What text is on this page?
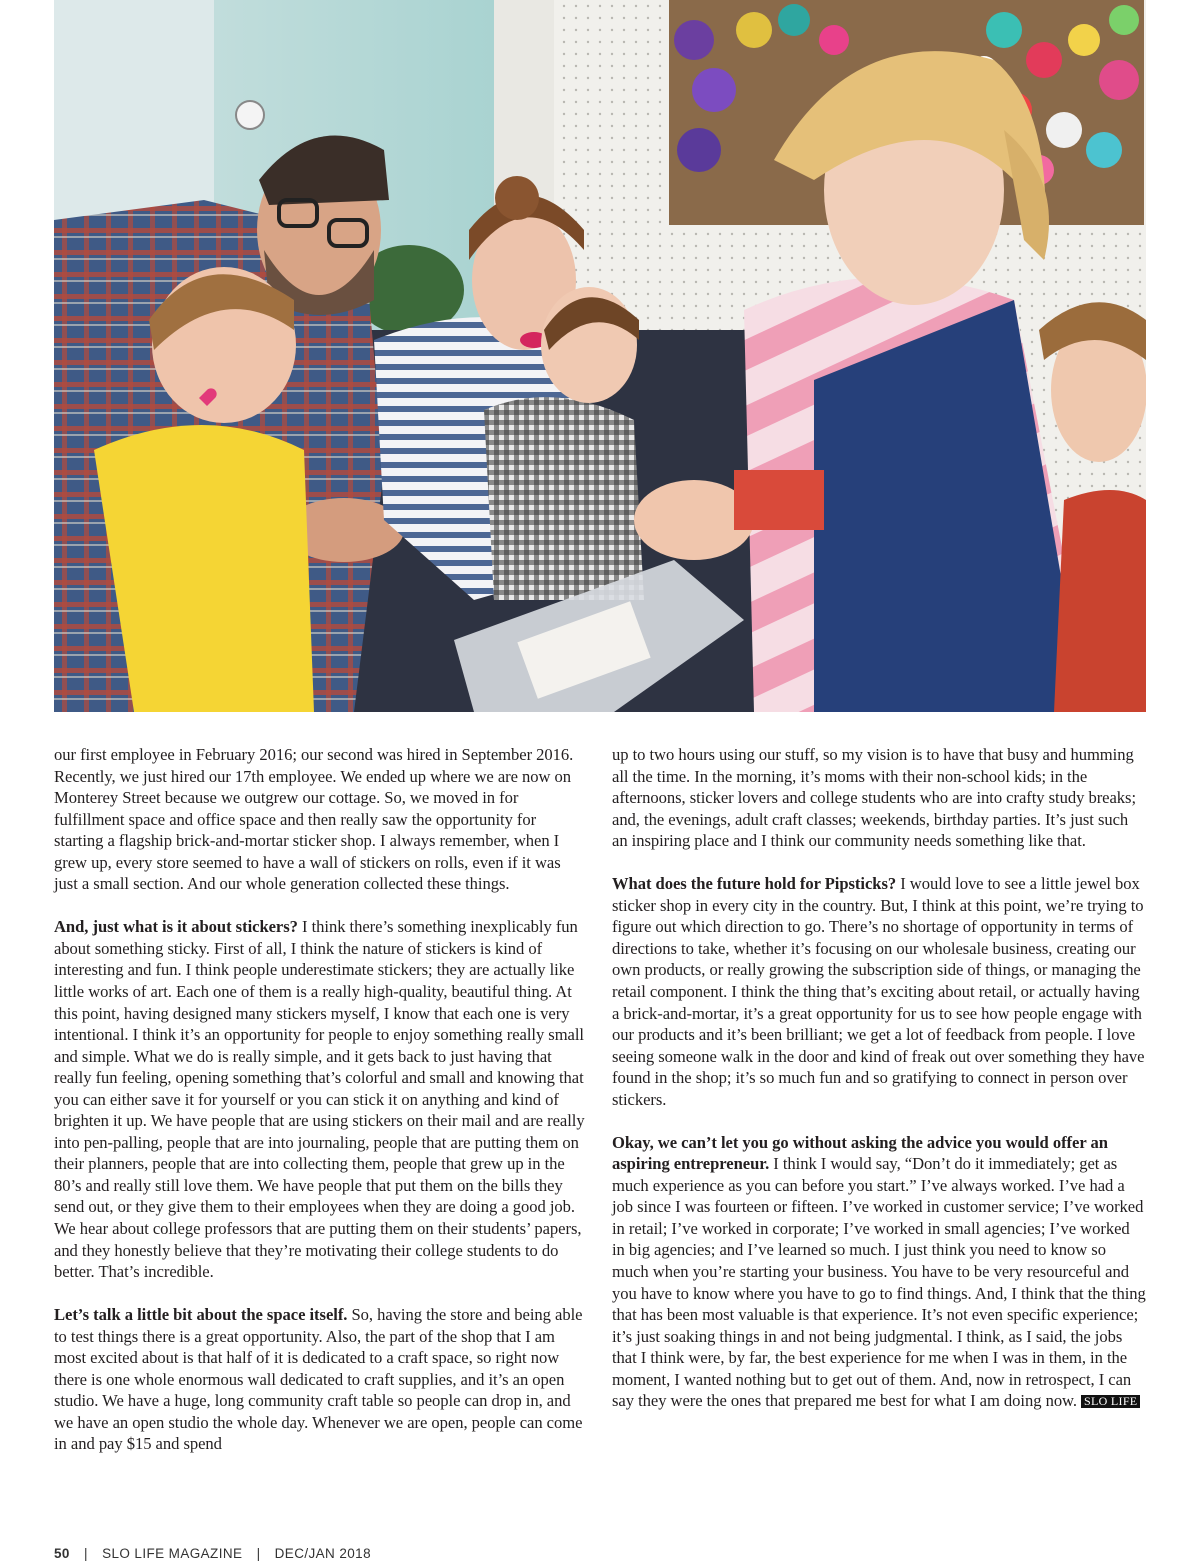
our first employee in February 2016; our second was hired in September 2016. Recently, we just hired our 17th employee. We ended up where we are now on Monterey Street because we outgrew our cottage. So, we moved in for fulfillment space and office space and then really saw the opportunity for starting a flagship brick-and-mortar sticker shop. I always remember, when I grew up, every store seemed to have a wall of stickers on rolls, even if it was just a small section. And our whole generation collected these things.

And, just what is it about stickers? I think there’s something inexplicably fun about something sticky. First of all, I think the nature of stickers is kind of interesting and fun. I think people underestimate stickers; they are actually like little works of art. Each one of them is a really high-quality, beautiful thing. At this point, having designed many stickers myself, I know that each one is very intentional. I think it’s an opportunity for people to enjoy something really small and simple. What we do is really simple, and it gets back to just having that really fun feeling, opening something that’s colorful and small and knowing that you can either save it for yourself or you can stick it on anything and kind of brighten it up. We have people that are using stickers on their mail and are really into pen-palling, people that are into journaling, people that are putting them on their planners, people that are into collecting them, people that grew up in the 80’s and really still love them. We have people that put them on the bills they send out, or they give them to their employees when they are doing a good job. We hear about college professors that are putting them on their students’ papers, and they honestly believe that they’re motivating their college students to do better. That’s incredible.

Let’s talk a little bit about the space itself. So, having the store and being able to test things there is a great opportunity. Also, the part of the shop that I am most excited about is that half of it is dedicated to a craft space, so right now there is one whole enormous wall dedicated to craft supplies, and it’s an open studio. We have a huge, long community craft table so people can drop in, and we have an open studio the whole day. Whenever we are open, people can come in and pay $15 and spend

up to two hours using our stuff, so my vision is to have that busy and humming all the time. In the morning, it’s moms with their non-school kids; in the afternoons, sticker lovers and college students who are into crafty study breaks; and, the evenings, adult craft classes; weekends, birthday parties. It’s just such an inspiring place and I think our community needs something like that.

What does the future hold for Pipsticks? I would love to see a little jewel box sticker shop in every city in the country. But, I think at this point, we’re trying to figure out which direction to go. There’s no shortage of opportunity in terms of directions to take, whether it’s focusing on our wholesale business, creating our own products, or really growing the subscription side of things, or managing the retail component. I think the thing that’s exciting about retail, or actually having a brick-and-mortar, it’s a great opportunity for us to see how people engage with our products and it’s been brilliant; we get a lot of feedback from people. I love seeing someone walk in the door and kind of freak out over something they have found in the shop; it’s so much fun and so gratifying to connect in person over stickers.

Okay, we can’t let you go without asking the advice you would offer an aspiring entrepreneur. I think I would say, “Don’t do it immediately; get as much experience as you can before you start.” I’ve always worked. I’ve had a job since I was fourteen or fifteen. I’ve worked in customer service; I’ve worked in retail; I’ve worked in corporate; I’ve worked in small agencies; I’ve worked in big agencies; and I’ve learned so much. I just think you need to know so much when you’re starting your business. You have to be very resourceful and you have to know where you have to go to find things. And, I think that the thing that has been most valuable is that experience. It’s not even specific experience; it’s just soaking things in and not being judgmental. I think, as I said, the jobs that I think were, by far, the best experience for me when I was in them, in the moment, I wanted nothing but to get out of them. And, now in retrospect, I can say they were the ones that prepared me best for what I am doing now. SLO LIFE

50 | SLO LIFE MAGAZINE | DEC/JAN 2018
